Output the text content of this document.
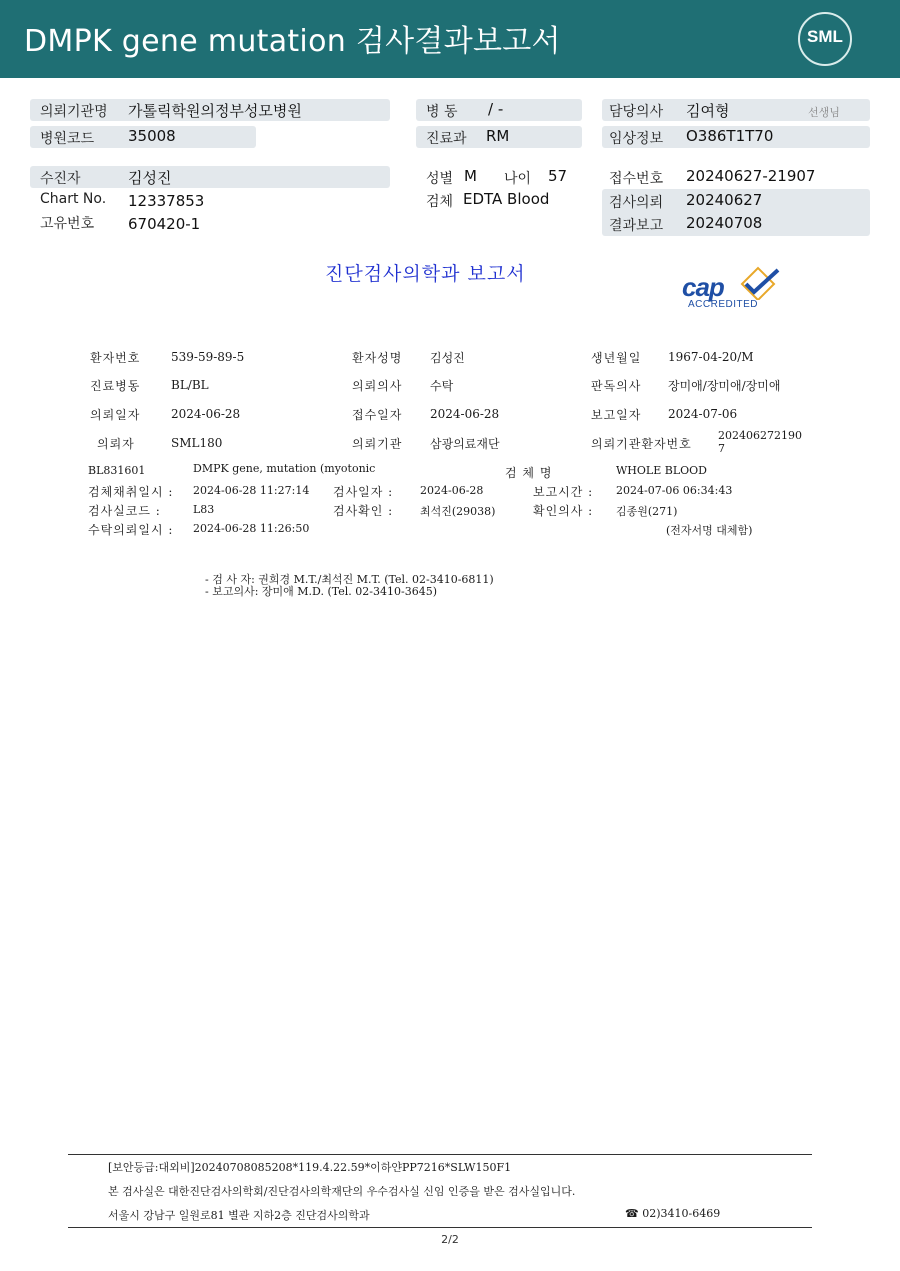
DMPK gene mutation 검사결과보고서	SML
의뢰기관명 가톨릭학원의정부성모병원	병 동 / -	담당의사 김여형	선생님
병원코드 35008	진료과 RM	임상정보 O386T1T70
수진자	김성진	성별 M 나이 57	접수번호 20240627-21907
Chart No. 12337853	검체 EDTA Blood	검사의뢰 20240627
고유번호 670420-1	결과보고 20240708
진단검사의학과 보고서	cap
ACCREDITED
환자번호	539-59-89-5	환자성명 김성진	생년월일 1967-04-20/M
진료병동	BL/BL	의뢰의사 수탁	판독의사 장미애/장미애/장미애
의뢰일자	2024-06-28	접수일자 2024-06-28	보고일자 2024-07-06
의뢰자	SML180	의뢰기관 삼광의료재단	의뢰기관환자번호
202406272190
7
BL831601	DMPK gene, mutation (myotonic	검 체 명	WHOLE BLOOD
검체채취일시 : 2024-06-28 11:27:14 검사일자 : 2024-06-28	보고시간 : 2024-07-06 06:34:43
검사실코드 :	L83	검사확인 : 최석진(29038)	확인의사 : 김종원(271)
수탁의뢰일시 : 2024-06-28 11:26:50	(전자서명 대체함)
- 검 사 자: 권희경 M.T./최석진 M.T. (Tel. 02-3410-6811)
- 보고의사: 장미애 M.D. (Tel. 02-3410-3645)
[보안등급:대외비]20240708085208*119.4.22.59*이하얀PP7216*SLW150F1
본 검사실은 대한진단검사의학회/진단검사의학재단의 우수검사실 신임 인증을 받은 검사실입니다.
서울시 강남구 일원로81 별관 지하2층 진단검사의학과	☎ 02)3410-6469
2/2
